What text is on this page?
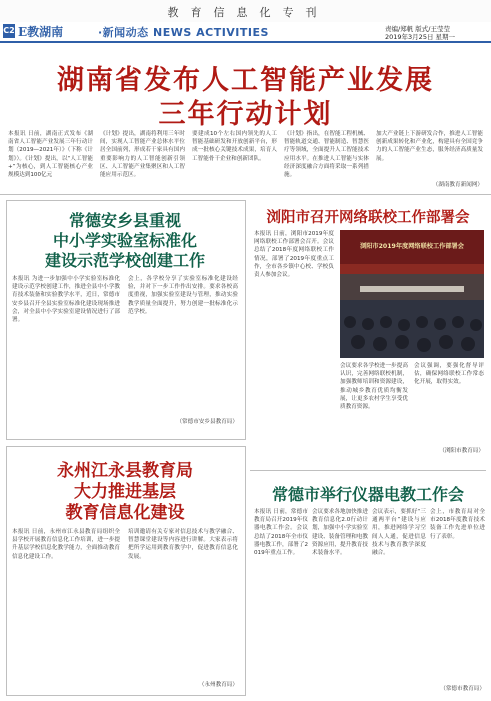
教育信息化专刊
C2 E教湖南	·新闻动态 NEWS ACTIVITIES	责编/郑帆 版式/王莹莹
2019年3月25日 星期一
湖南省发布人工智能产业发展
三年行动计划
本报讯 日前，湖南正式发布《湖南省人工智能产业发展三年行动计划（2019—2021年）》（下称《计划》）。《计划》提出，以“人工智能+”为核心，到人工智能核心产业规模达到100亿元
《计划》提出，湖南将利用三年时间，实现人工智能产业总体水平位居全国前列，形成若干家具有国内重要影响力的人工智能创新引领区、人工智能产业集聚区和人工智能应用示范区。
要建成10个左右国内领先的人工智能基础研发和开放创新平台，形成一批核心关键技术成果，培育人工智能骨干企业和创新团队。
《计划》指出，在智能工程机械、智能轨道交通、智能制造、智慧医疗等领域，全面提升人工智能技术应用水平。在推进人工智能与实体经济深度融合方面将采取一系列措施。
加大产业链上下游研发合作，推进人工智能创新成果转化和产业化，构建具有全国竞争力的人工智能产业生态，服务经济高质量发展。
（湖南教育新闻网）
常德安乡县重视
中小学实验室标准化
建设示范学校创建工作
本报讯 为进一步加强中小学实验室标准化建设示范学校创建工作，推进全县中小学教育技术装备和实验教学水平，近日，常德市安乡县召开全县实验室标准化建设现场推进会，对全县中小学实验室建设情况进行了部署。
会上，各学校分享了实验室标准化建设经验，并对下一步工作作出安排。要求各校高度重视，加强实验室建设与管理，推动实验教学质量全面提升，努力创建一批标准化示范学校。
（常德市安乡县教育局）
永州江永县教育局
大力推进基层
教育信息化建设
本报讯 日前，永州市江永县教育局组织全县学校开展教育信息化工作培训，进一步提升基层学校信息化教学能力，全面推动教育信息化建设工作。
培训邀请有关专家对信息技术与教学融合、智慧课堂建设等内容进行讲解。大家表示将把所学运用到教育教学中，促进教育信息化发展。
（永州教育局）
浏阳市召开网络联校工作部署会
本报讯 日前，浏阳市2019年度网络联校工作部署会召开。会议总结了2018年度网络联校工作情况，部署了2019年度重点工作，全市各乡镇中心校、学校负责人参加会议。
浏阳市2019年度网络联校工作部署会
会议要求各学校进一步提高认识，完善网络联校机制，加强教师培训和资源建设，推动城乡教育优质均衡发展，让更多农村学生享受优质教育资源。
会议强调，要强化督导评估，确保网络联校工作常态化开展，取得实效。
（浏阳市教育局）
常德市举行仪器电教工作会
本报讯 日前，常德市教育局召开2019年仪器电教工作会。会议总结了2018年全市仪器电教工作，部署了2019年重点工作。
会议要求各地加快推进教育信息化2.0行动计划，加强中小学实验室建设、装备管理和电教资源应用，提升教育技术装备水平。
会议表示，要抓好“三通两平台”建设与应用，推进网络学习空间人人通，促进信息技术与教育教学深度融合。
会上，市教育局对全市2018年度教育技术装备工作先进单位进行了表彰。
（常德市教育局）
